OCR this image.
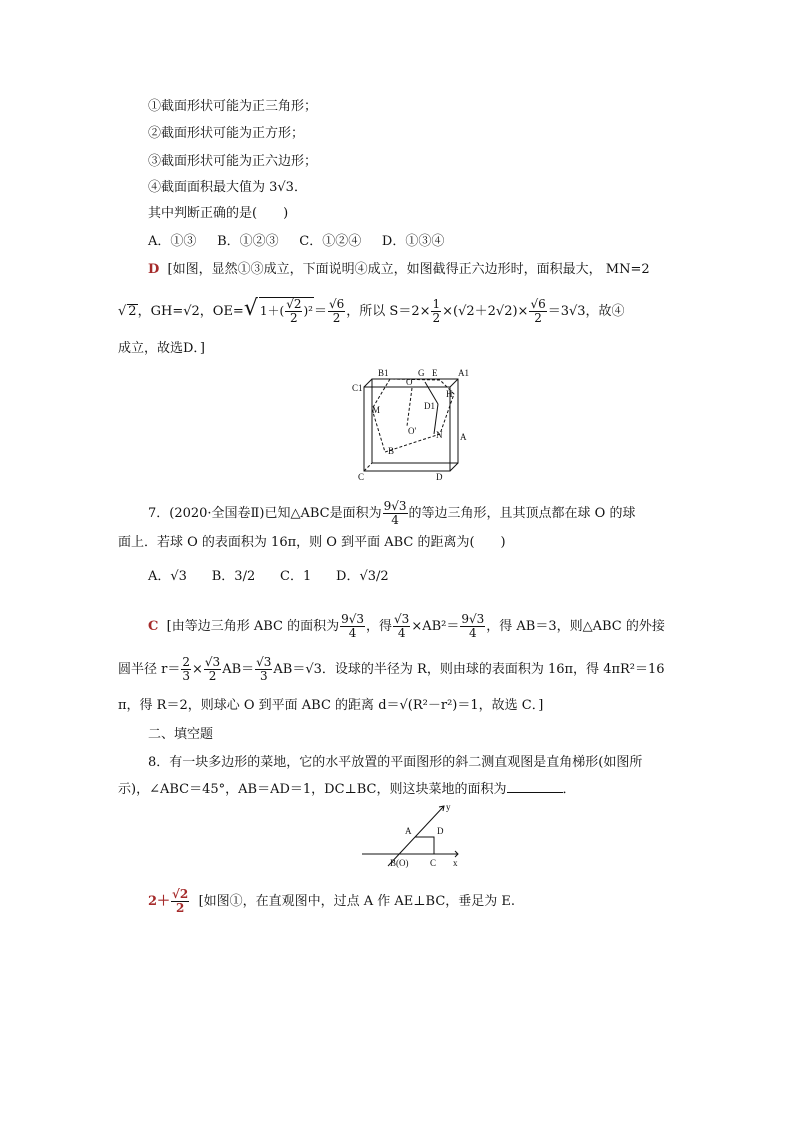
①截面形状可能为正三角形；
②截面形状可能为正方形；
③截面形状可能为正六边形；
④截面面积最大值为 3√3．
其中判断正确的是(　　)
A．①③ B．①②③ C．①②④ D．①③④
D [如图，显然①③成立，下面说明④成立，如图截得正六边形时，面积最大， MN=2
√ 2，GH=√2，OE=√ $1+( \frac{√2}{2} )^2= \frac{√6}{2}$ ，所以 $S=2\times \frac{1}{2} \times(√2+2√2)\times \frac{√6}{2} =3√3$，故④
成立，故选D．]
B1
O
G E A1
C1
M	D1
H
O' N A
B
C	D
7．(2020·全国卷Ⅱ)已知△ABC是面积为 $\frac{9√3}{4}$ 的等边三角形，且其顶点都在球 O 的球
面上．若球 O 的表面积为 16π，则 O 到平面 ABC 的距离为(　　)
A．√3 B．3/2 C．1 D．√3/2
C [由等边三角形 ABC 的面积为 $\frac{9√3}{4}$ ，得 $\frac{√3}{4} \times AB^2= \frac{9√3}{4}$ ，得 AB＝3，则△ABC 的外接
圆半径 $r= \frac{2}{3} \times \frac{√3}{2} AB= \frac{√3}{3} AB=√3$．设球的半径为 R，则由球的表面积为 16π，得 4πR²＝16
π，得 R＝2，则球心 O 到平面 ABC 的距离 d＝√(R²－r²)＝1，故选 C．]
二、填空题
8．有一块多边形的菜地，它的水平放置的平面图形的斜二测直观图是直角梯形(如图所
示)，∠ABC＝45°，AB＝AD＝1，DC⊥BC，则这块菜地的面积为	．
y
A	D
B(O) C x
$2+ \frac{√2}{2}$ [如图①，在直观图中，过点 A 作 AE⊥BC，垂足为 E.
